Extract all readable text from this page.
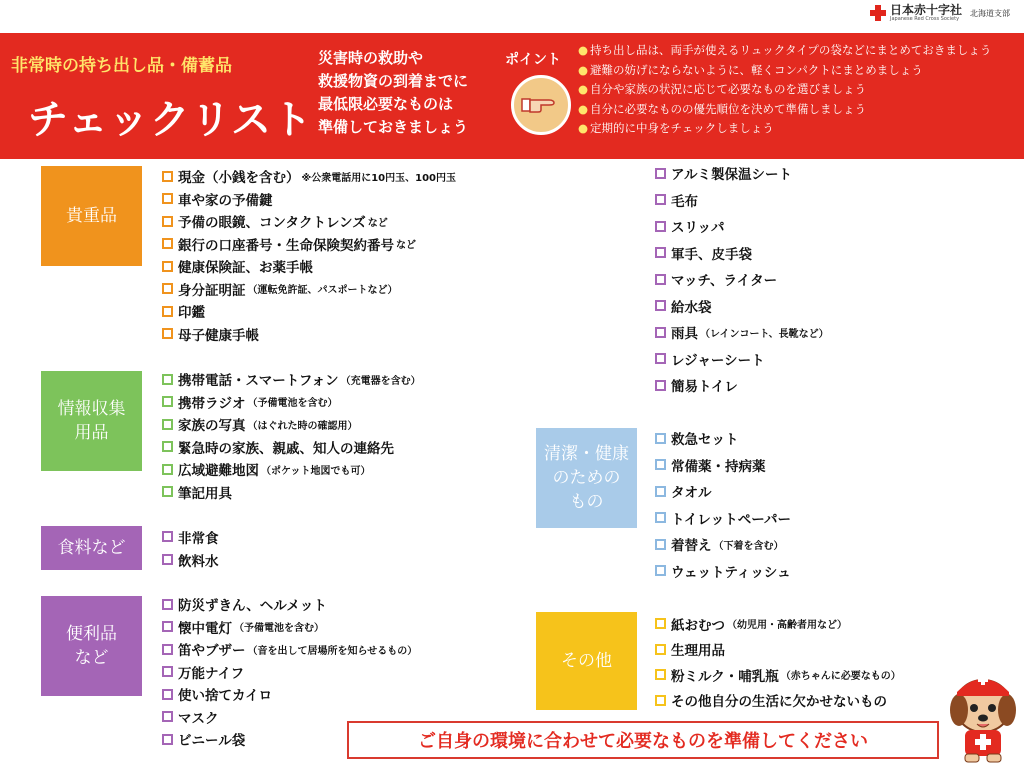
日本赤十字社
Japanese Red Cross Society
北海道支部
非常時の持ち出し品・備蓄品
チェックリスト
災害時の救助や
救援物資の到着までに
最低限必要なものは
準備しておきましょう
ポイント
● 持ち出し品は、両手が使えるリュックタイプの袋などにまとめておきましょう
● 避難の妨げにならないように、軽くコンパクトにまとめましょう
● 自分や家族の状況に応じて必要なものを選びましょう
● 自分に必要なものの優先順位を決めて準備しましょう
● 定期的に中身をチェックしましょう
貴重品
情報収集
用品
食料など
便利品
など
清潔・健康
のための
もの
その他
現金（小銭を含む） ※公衆電話用に10円玉、100円玉
車や家の予備鍵
予備の眼鏡、コンタクトレンズ など
銀行の口座番号・生命保険契約番号 など
健康保険証、お薬手帳
身分証明証 （運転免許証、パスポートなど）
印鑑
母子健康手帳
携帯電話・スマートフォン （充電器を含む）
携帯ラジオ （予備電池を含む）
家族の写真 （はぐれた時の確認用）
緊急時の家族、親戚、知人の連絡先
広域避難地図 （ポケット地図でも可）
筆記用具
非常食
飲料水
防災ずきん、ヘルメット
懐中電灯 （予備電池を含む）
笛やブザー （音を出して居場所を知らせるもの）
万能ナイフ
使い捨てカイロ
マスク
ビニール袋
アルミ製保温シート
毛布
スリッパ
軍手、皮手袋
マッチ、ライター
給水袋
雨具 （レインコート、長靴など）
レジャーシート
簡易トイレ
救急セット
常備薬・持病薬
タオル
トイレットペーパー
着替え （下着を含む）
ウェットティッシュ
紙おむつ （幼児用・高齢者用など）
生理用品
粉ミルク・哺乳瓶 （赤ちゃんに必要なもの）
その他自分の生活に欠かせないもの
ご自身の環境に合わせて必要なものを準備してください
